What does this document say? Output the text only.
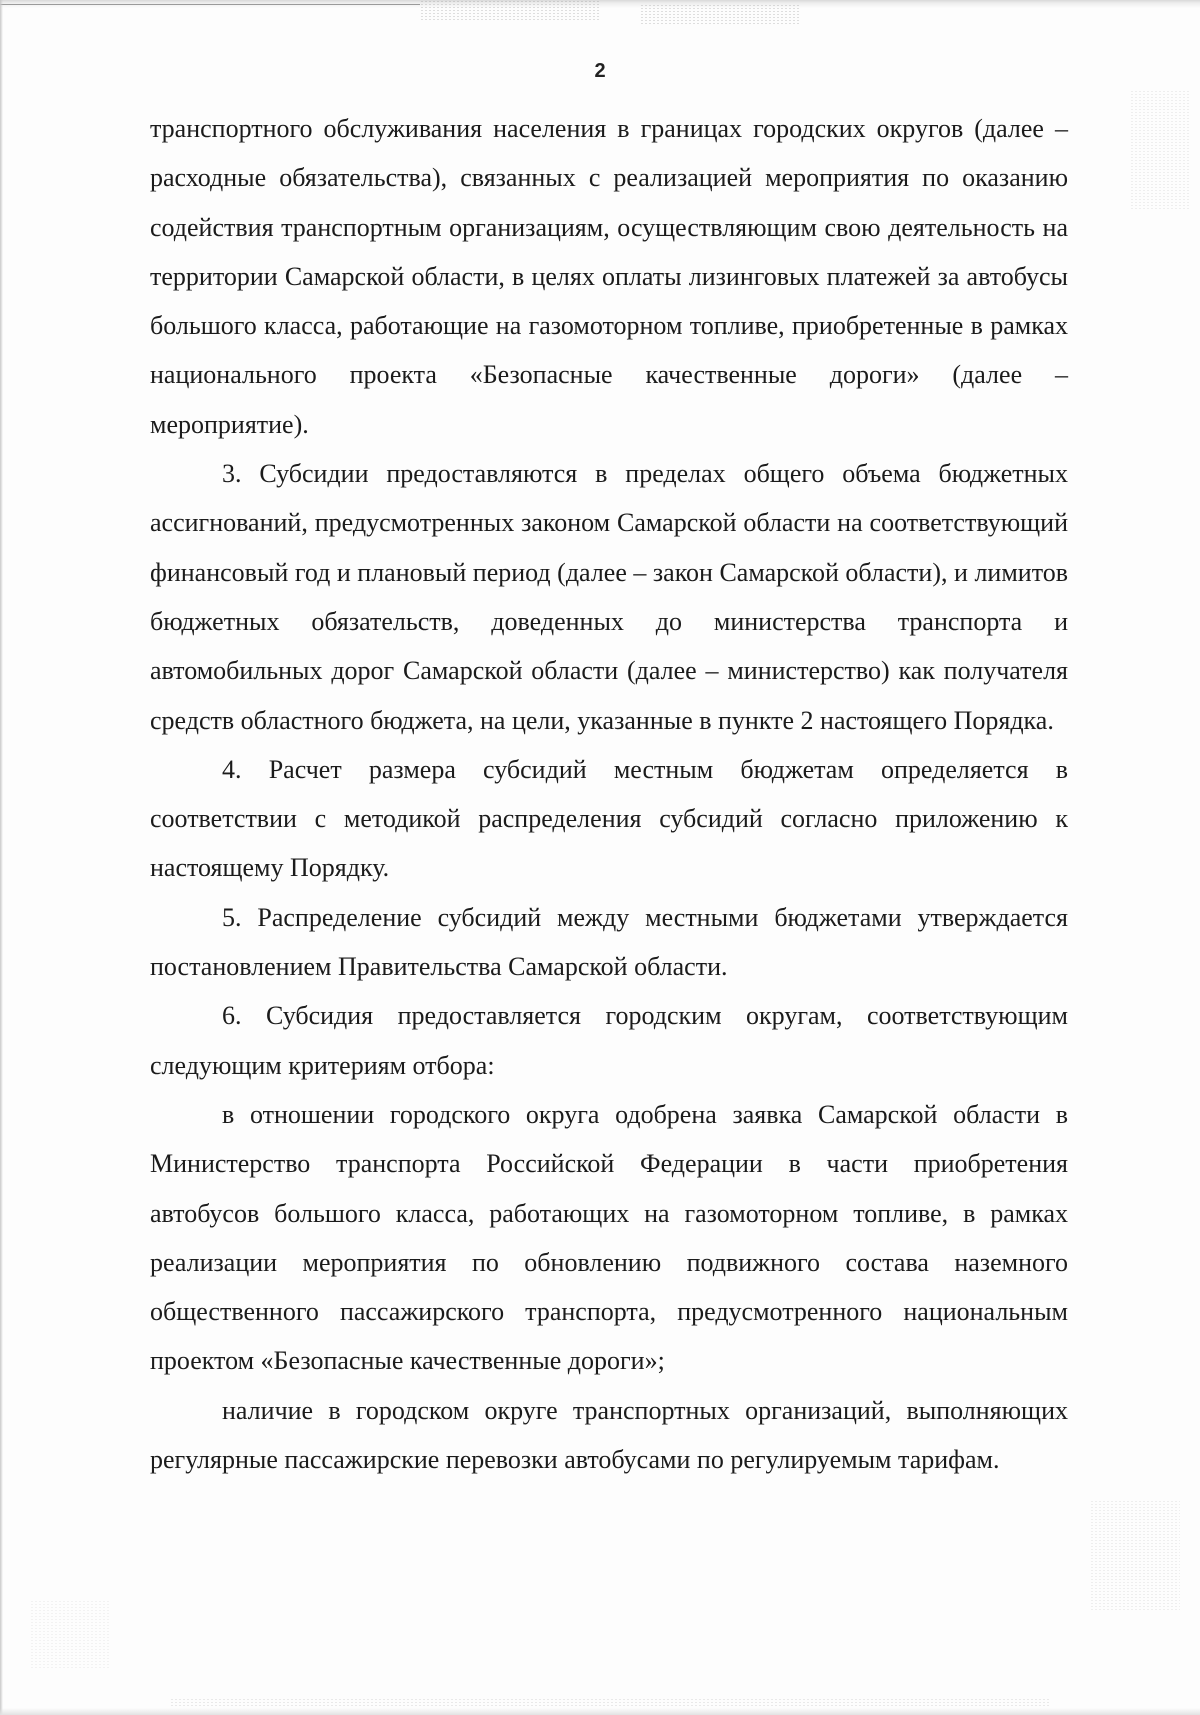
2

транспортного обслуживания населения в границах городских округов (далее – расходные обязательства), связанных с реализацией мероприятия по оказанию содействия транспортным организациям, осуществляющим свою деятельность на территории Самарской области, в целях оплаты лизинговых платежей за автобусы большого класса, работающие на газомоторном топливе, приобретенные в рамках национального проекта «Безопасные качественные дороги» (далее – мероприятие).

3. Субсидии предоставляются в пределах общего объема бюджетных ассигнований, предусмотренных законом Самарской области на соответствующий финансовый год и плановый период (далее – закон Самарской области), и лимитов бюджетных обязательств, доведенных до министерства транспорта и автомобильных дорог Самарской области (далее – министерство) как получателя средств областного бюджета, на цели, указанные в пункте 2 настоящего Порядка.

4. Расчет размера субсидий местным бюджетам определяется в соответствии с методикой распределения субсидий согласно приложению к настоящему Порядку.

5. Распределение субсидий между местными бюджетами утверждается постановлением Правительства Самарской области.

6. Субсидия предоставляется городским округам, соответствующим следующим критериям отбора:

в отношении городского округа одобрена заявка Самарской области в Министерство транспорта Российской Федерации в части приобретения автобусов большого класса, работающих на газомоторном топливе, в рамках реализации мероприятия по обновлению подвижного состава наземного общественного пассажирского транспорта, предусмотренного национальным проектом «Безопасные качественные дороги»;

наличие в городском округе транспортных организаций, выполняющих регулярные пассажирские перевозки автобусами по регулируемым тарифам.
